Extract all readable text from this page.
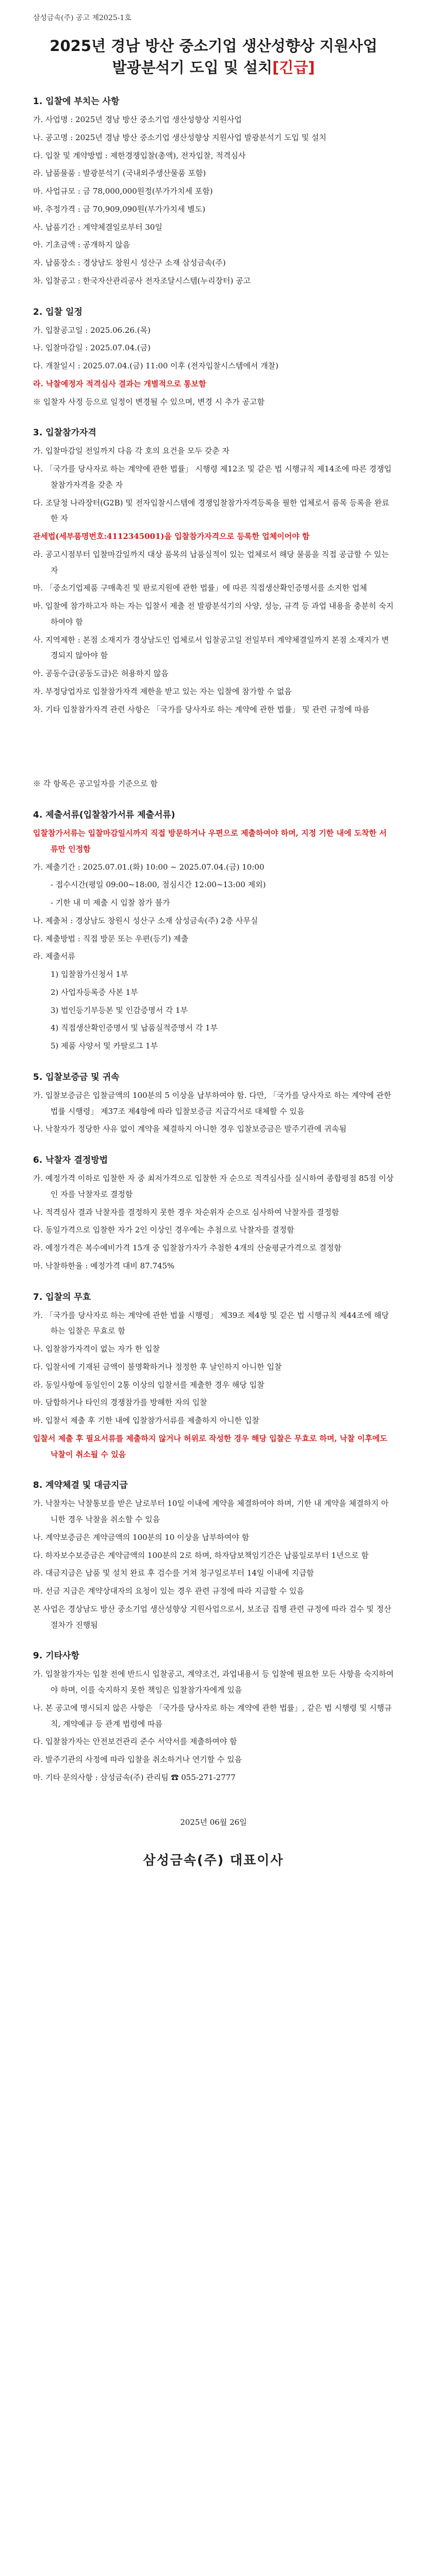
삼성금속(주) 공고 제2025-1호
2025년 경남 방산 중소기업 생산성향상 지원사업
발광분석기 도입 및 설치[긴급]
1. 입찰에 부치는 사항

가. 사업명 : 2025년 경남 방산 중소기업 생산성향상 지원사업

나. 공고명 : 2025년 경남 방산 중소기업 생산성향상 지원사업 발광분석기 도입 및 설치

다. 입찰 및 계약방법 : 제한경쟁입찰(총액), 전자입찰, 적격심사

라. 납품물품 : 발광분석기 (국내외주생산물품 포함)

마. 사업규모 : 금 78,000,000원정(부가가치세 포함)

바. 추정가격 : 금 70,909,090원(부가가치세 별도)

사. 납품기간 : 계약체결일로부터 30일

아. 기초금액 : 공개하지 않음

자. 납품장소 : 경상남도 창원시 성산구 소재 삼성금속(주)

차. 입찰공고 : 한국자산관리공사 전자조달시스템(누리장터) 공고

2. 입찰 일정

가. 입찰공고일 : 2025.06.26.(목)

나. 입찰마감일 : 2025.07.04.(금)

다. 개찰일시 : 2025.07.04.(금) 11:00 이후 (전자입찰시스템에서 개찰)

라. 낙찰예정자 적격심사 결과는 개별적으로 통보함

※ 입찰자 사정 등으로 일정이 변경될 수 있으며, 변경 시 추가 공고함

3. 입찰참가자격

가. 입찰마감일 전일까지 다음 각 호의 요건을 모두 갖춘 자

나. 「국가를 당사자로 하는 계약에 관한 법률」 시행령 제12조 및 같은 법 시행규칙 제14조에 따른 경쟁입찰참가자격을 갖춘 자

다. 조달청 나라장터(G2B) 및 전자입찰시스템에 경쟁입찰참가자격등록을 필한 업체로서 품목 등록을 완료한 자

관세법(세부품명번호:4112345001)을 입찰참가자격으로 등록한 업체이어야 함

라. 공고시점부터 입찰마감일까지 대상 품목의 납품실적이 있는 업체로서 해당 물품을 직접 공급할 수 있는 자

마. 「중소기업제품 구매촉진 및 판로지원에 관한 법률」에 따른 직접생산확인증명서를 소지한 업체

바. 입찰에 참가하고자 하는 자는 입찰서 제출 전 발광분석기의 사양, 성능, 규격 등 과업 내용을 충분히 숙지하여야 함

사. 지역제한 : 본점 소재지가 경상남도인 업체로서 입찰공고일 전일부터 계약체결일까지 본점 소재지가 변경되지 않아야 함

아. 공동수급(공동도급)은 허용하지 않음

자. 부정당업자로 입찰참가자격 제한을 받고 있는 자는 입찰에 참가할 수 없음

차. 기타 입찰참가자격 관련 사항은 「국가를 당사자로 하는 계약에 관한 법률」 및 관련 규정에 따름

※ 각 항목은 공고일자를 기준으로 함

4. 제출서류(입찰참가서류 제출서류)

입찰참가서류는 입찰마감일시까지 직접 방문하거나 우편으로 제출하여야 하며, 지정 기한 내에 도착한 서류만 인정함

가. 제출기간 : 2025.07.01.(화) 10:00 ~ 2025.07.04.(금) 10:00

- 접수시간(평일 09:00~18:00, 점심시간 12:00~13:00 제외)

- 기한 내 미 제출 시 입찰 참가 불가

나. 제출처 : 경상남도 창원시 성산구 소재 삼성금속(주) 2층 사무실

다. 제출방법 : 직접 방문 또는 우편(등기) 제출

라. 제출서류

1) 입찰참가신청서 1부

2) 사업자등록증 사본 1부

3) 법인등기부등본 및 인감증명서 각 1부

4) 직접생산확인증명서 및 납품실적증명서 각 1부

5) 제품 사양서 및 카탈로그 1부

5. 입찰보증금 및 귀속

가. 입찰보증금은 입찰금액의 100분의 5 이상을 납부하여야 함. 다만, 「국가를 당사자로 하는 계약에 관한 법률 시행령」 제37조 제4항에 따라 입찰보증금 지급각서로 대체할 수 있음

나. 낙찰자가 정당한 사유 없이 계약을 체결하지 아니한 경우 입찰보증금은 발주기관에 귀속됨

6. 낙찰자 결정방법

가. 예정가격 이하로 입찰한 자 중 최저가격으로 입찰한 자 순으로 적격심사를 실시하여 종합평점 85점 이상인 자를 낙찰자로 결정함

나. 적격심사 결과 낙찰자를 결정하지 못한 경우 차순위자 순으로 심사하여 낙찰자를 결정함

다. 동일가격으로 입찰한 자가 2인 이상인 경우에는 추첨으로 낙찰자를 결정함

라. 예정가격은 복수예비가격 15개 중 입찰참가자가 추첨한 4개의 산술평균가격으로 결정함

마. 낙찰하한율 : 예정가격 대비 87.745%

7. 입찰의 무효

가. 「국가를 당사자로 하는 계약에 관한 법률 시행령」 제39조 제4항 및 같은 법 시행규칙 제44조에 해당하는 입찰은 무효로 함

나. 입찰참가자격이 없는 자가 한 입찰

다. 입찰서에 기재된 금액이 불명확하거나 정정한 후 날인하지 아니한 입찰

라. 동일사항에 동일인이 2통 이상의 입찰서를 제출한 경우 해당 입찰

마. 담합하거나 타인의 경쟁참가를 방해한 자의 입찰

바. 입찰서 제출 후 기한 내에 입찰참가서류를 제출하지 아니한 입찰

입찰서 제출 후 필요서류를 제출하지 않거나 허위로 작성한 경우 해당 입찰은 무효로 하며, 낙찰 이후에도 낙찰이 취소될 수 있음

8. 계약체결 및 대금지급

가. 낙찰자는 낙찰통보를 받은 날로부터 10일 이내에 계약을 체결하여야 하며, 기한 내 계약을 체결하지 아니한 경우 낙찰을 취소할 수 있음

나. 계약보증금은 계약금액의 100분의 10 이상을 납부하여야 함

다. 하자보수보증금은 계약금액의 100분의 2로 하며, 하자담보책임기간은 납품일로부터 1년으로 함

라. 대금지급은 납품 및 설치 완료 후 검수를 거쳐 청구일로부터 14일 이내에 지급함

마. 선금 지급은 계약상대자의 요청이 있는 경우 관련 규정에 따라 지급할 수 있음

본 사업은 경상남도 방산 중소기업 생산성향상 지원사업으로서, 보조금 집행 관련 규정에 따라 검수 및 정산 절차가 진행됨

9. 기타사항

가. 입찰참가자는 입찰 전에 반드시 입찰공고, 계약조건, 과업내용서 등 입찰에 필요한 모든 사항을 숙지하여야 하며, 이를 숙지하지 못한 책임은 입찰참가자에게 있음

나. 본 공고에 명시되지 않은 사항은 「국가를 당사자로 하는 계약에 관한 법률」, 같은 법 시행령 및 시행규칙, 계약예규 등 관계 법령에 따름

다. 입찰참가자는 안전보건관리 준수 서약서를 제출하여야 함

라. 발주기관의 사정에 따라 입찰을 취소하거나 연기할 수 있음

마. 기타 문의사항 : 삼성금속(주) 관리팀 ☎ 055-271-2777

2025년 06월 26일
삼성금속(주) 대표이사
